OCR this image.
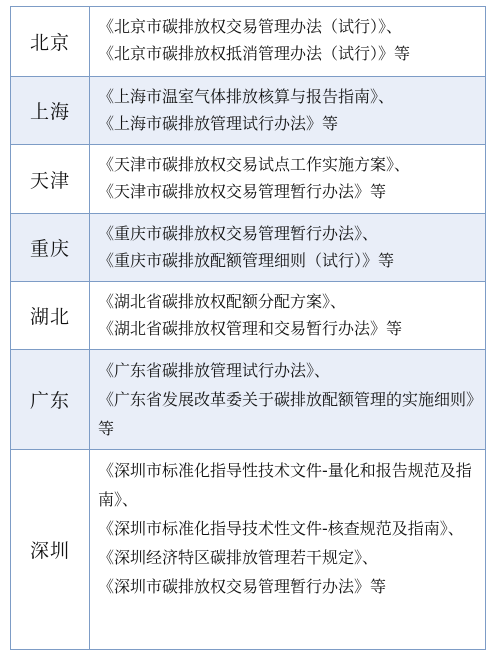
北京
《北京市碳排放权交易管理办法（试行）》、
《北京市碳排放权抵消管理办法（试行）》等
上海
《上海市温室气体排放核算与报告指南》、
《上海市碳排放管理试行办法》等
天津
《天津市碳排放权交易试点工作实施方案》、
《天津市碳排放权交易管理暂行办法》等
重庆
《重庆市碳排放权交易管理暂行办法》、
《重庆市碳排放配额管理细则（试行）》等
湖北
《湖北省碳排放权配额分配方案》、
《湖北省碳排放权管理和交易暂行办法》等
广东
《广东省碳排放管理试行办法》、
《广东省发展改革委关于碳排放配额管理的实施细则》等
深圳
《深圳市标准化指导性技术文件-量化和报告规范及指南》、
《深圳市标准化指导技术性文件-核查规范及指南》、
《深圳经济特区碳排放管理若干规定》、
《深圳市碳排放权交易管理暂行办法》等
